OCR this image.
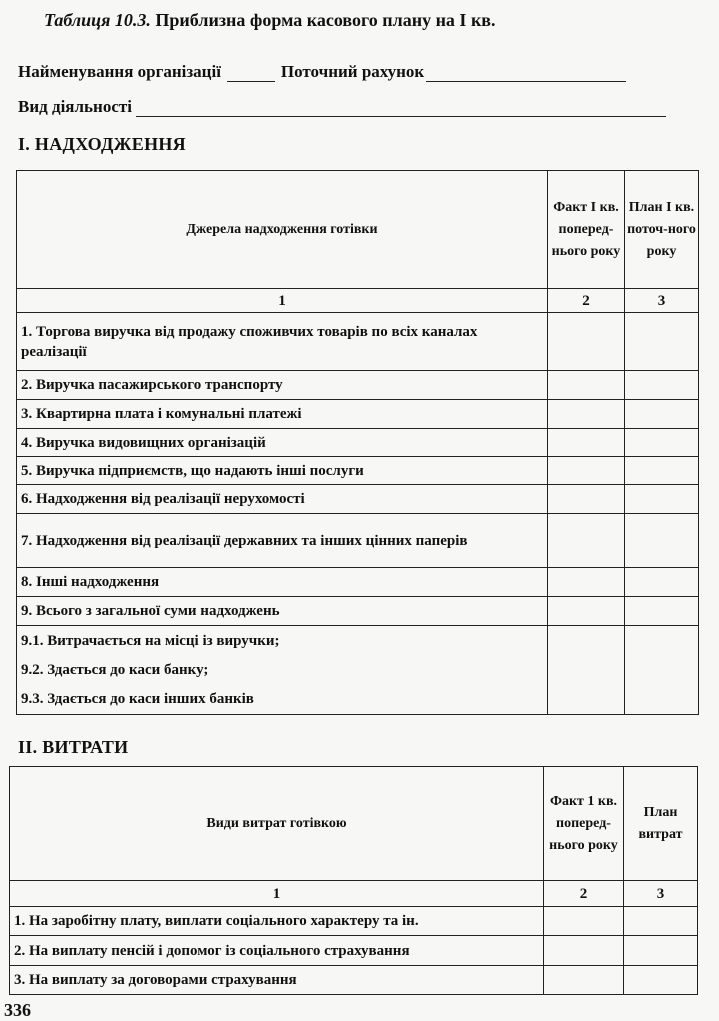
Таблиця 10.3. Приблизна форма касового плану на I кв.
Найменування організації	Поточний рахунок
Вид діяльності
I. НАДХОДЖЕННЯ
Джерела надходження готівки	Факт I кв. поперед-нього року	План I кв. поточ-ного року
1	2	3
1. Торгова виручка від продажу споживчих товарів по всіх каналах реалізації		
2. Виручка пасажирського транспорту		
3. Квартирна плата і комунальні платежі		
4. Виручка видовищних організацій		
5. Виручка підприємств, що надають інші послуги		
6. Надходження від реалізації нерухомості		
7. Надходження від реалізації державних та інших цінних паперів		
8. Інші надходження		
9. Всього з загальної суми надходжень		
9.1. Витрачається на місці із виручки;		
9.2. Здається до каси банку;		
9.3. Здається до каси інших банків		
II. ВИТРАТИ
Види витрат готівкою	Факт 1 кв. поперед-нього року	План витрат
1	2	3
1. На заробітну плату, виплати соціального характеру та ін.		
2. На виплату пенсій і допомог із соціального страхування		
3. На виплату за договорами страхування		
336
